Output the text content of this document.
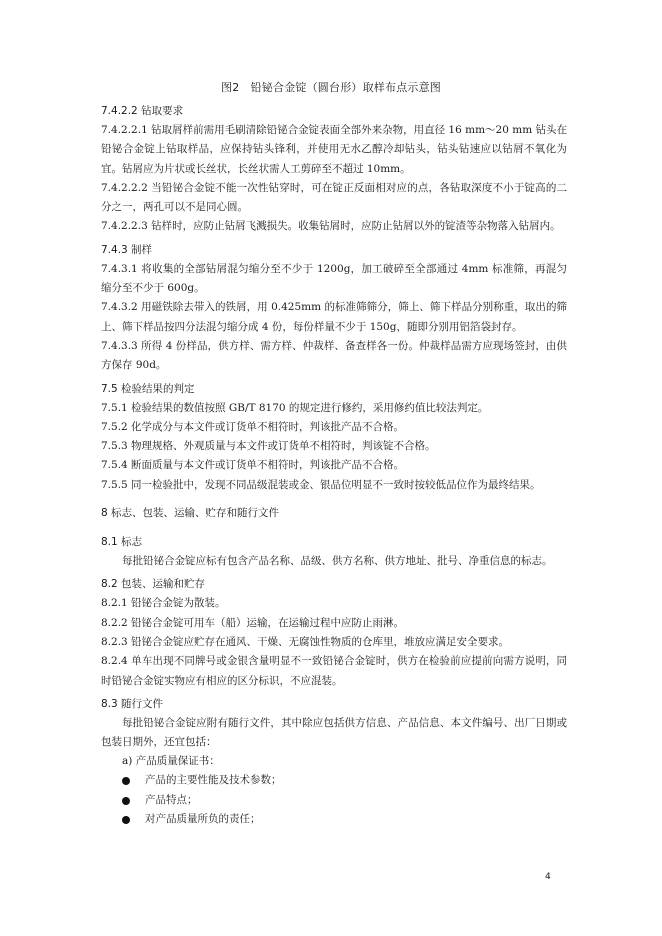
图2　铅铋合金锭（圆台形）取样布点示意图
7.4.2.2 钻取要求

7.4.2.2.1 钻取屑样前需用毛刷清除铅铋合金锭表面全部外来杂物，用直径 16 mm～20 mm 钻头在铅铋合金锭上钻取样品，应保持钻头锋利，并使用无水乙醇冷却钻头，钻头钻速应以钻屑不氧化为宜。钻屑应为片状或长丝状，长丝状需人工剪碎至不超过 10mm。

7.4.2.2.2 当铅铋合金锭不能一次性钻穿时，可在锭正反面相对应的点，各钻取深度不小于锭高的二分之一，两孔可以不是同心圆。

7.4.2.2.3 钻样时，应防止钻屑飞溅损失。收集钻屑时，应防止钻屑以外的锭渣等杂物落入钻屑内。

7.4.3 制样

7.4.3.1 将收集的全部钻屑混匀缩分至不少于 1200g，加工破碎至全部通过 4mm 标准筛，再混匀缩分至不少于 600g。

7.4.3.2 用磁铁除去带入的铁屑，用 0.425mm 的标准筛筛分，筛上、筛下样品分别称重，取出的筛上、筛下样品按四分法混匀缩分成 4 份，每份样量不少于 150g，随即分别用铝箔袋封存。

7.4.3.3 所得 4 份样品，供方样、需方样、仲裁样、备查样各一份。仲裁样品需方应现场签封，由供方保存 90d。

7.5 检验结果的判定

7.5.1 检验结果的数值按照 GB/T 8170 的规定进行修约，采用修约值比较法判定。

7.5.2 化学成分与本文件或订货单不相符时，判该批产品不合格。

7.5.3 物理规格、外观质量与本文件或订货单不相符时，判该锭不合格。

7.5.4 断面质量与本文件或订货单不相符时，判该批产品不合格。

7.5.5 同一检验批中，发现不同品级混装或金、银品位明显不一致时按较低品位作为最终结果。

8 标志、包装、运输、贮存和随行文件
8.1 标志

每批铅铋合金锭应标有包含产品名称、品级、供方名称、供方地址、批号、净重信息的标志。

8.2 包装、运输和贮存

8.2.1 铅铋合金锭为散装。

8.2.2 铅铋合金锭可用车（船）运输，在运输过程中应防止雨淋。

8.2.3 铅铋合金锭应贮存在通风、干燥、无腐蚀性物质的仓库里，堆放应满足安全要求。

8.2.4 单车出现不同牌号或金银含量明显不一致铅铋合金锭时，供方在检验前应提前向需方说明，同时铅铋合金锭实物应有相应的区分标识，不应混装。

8.3 随行文件

每批铅铋合金锭应附有随行文件，其中除应包括供方信息、产品信息、本文件编号、出厂日期或包装日期外，还宜包括：

a) 产品质量保证书：
产品的主要性能及技术参数；
产品特点；
对产品质量所负的责任；
4
